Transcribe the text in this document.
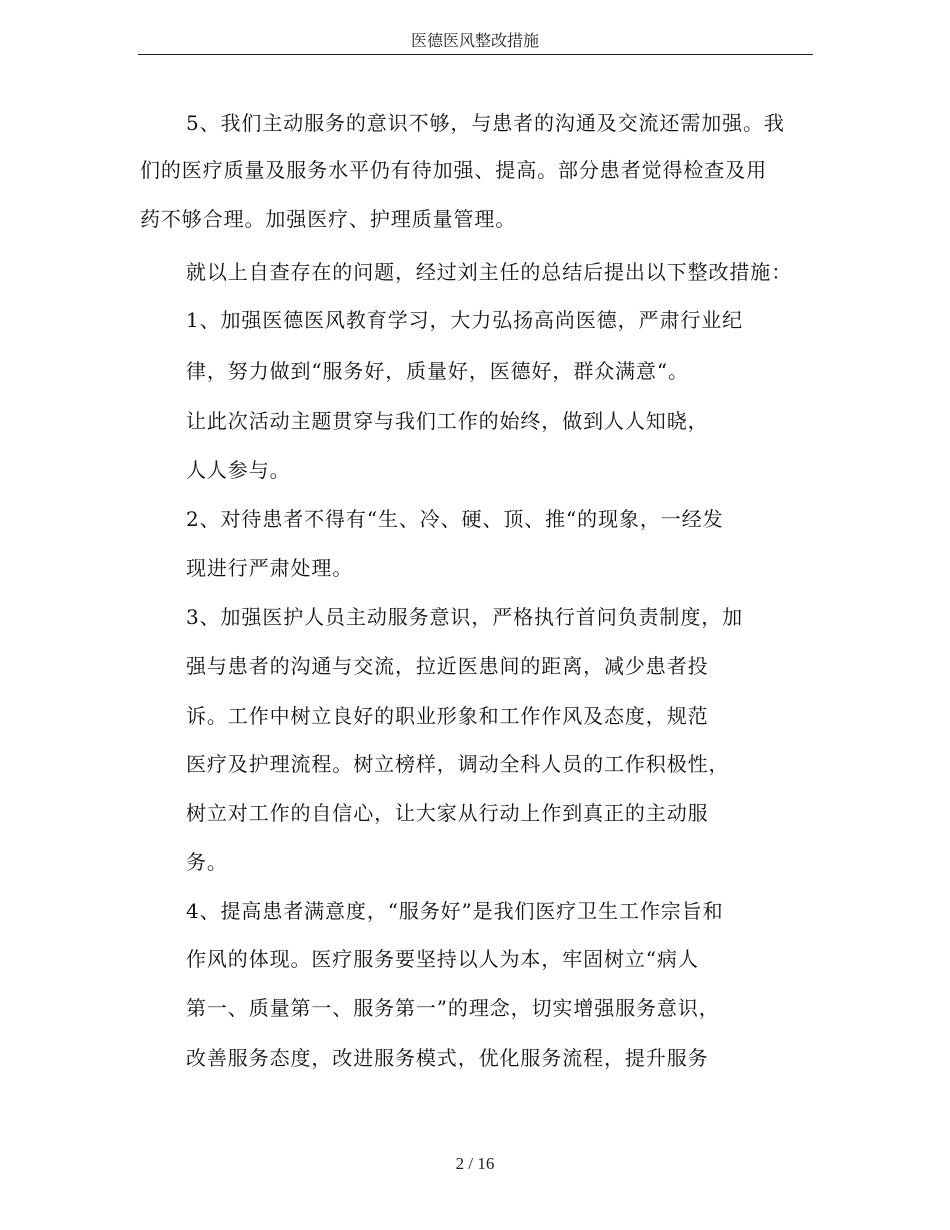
医德医风整改措施
5、我们主动服务的意识不够，与患者的沟通及交流还需加强。我
们的医疗质量及服务水平仍有待加强、提高。部分患者觉得检查及用
药不够合理。加强医疗、护理质量管理。
就以上自查存在的问题，经过刘主任的总结后提出以下整改措施：
1、加强医德医风教育学习，大力弘扬高尚医德，严肃行业纪
律，努力做到“服务好，质量好，医德好，群众满意“。
让此次活动主题贯穿与我们工作的始终，做到人人知晓，
人人参与。
2、对待患者不得有“生、冷、硬、顶、推“的现象，一经发
现进行严肃处理。
3、加强医护人员主动服务意识，严格执行首问负责制度，加
强与患者的沟通与交流，拉近医患间的距离，减少患者投
诉。工作中树立良好的职业形象和工作作风及态度，规范
医疗及护理流程。树立榜样，调动全科人员的工作积极性，
树立对工作的自信心，让大家从行动上作到真正的主动服
务。
4、提高患者满意度，“服务好”是我们医疗卫生工作宗旨和
作风的体现。医疗服务要坚持以人为本，牢固树立“病人
第一、质量第一、服务第一”的理念，切实增强服务意识，
改善服务态度，改进服务模式，优化服务流程，提升服务
2 / 16
